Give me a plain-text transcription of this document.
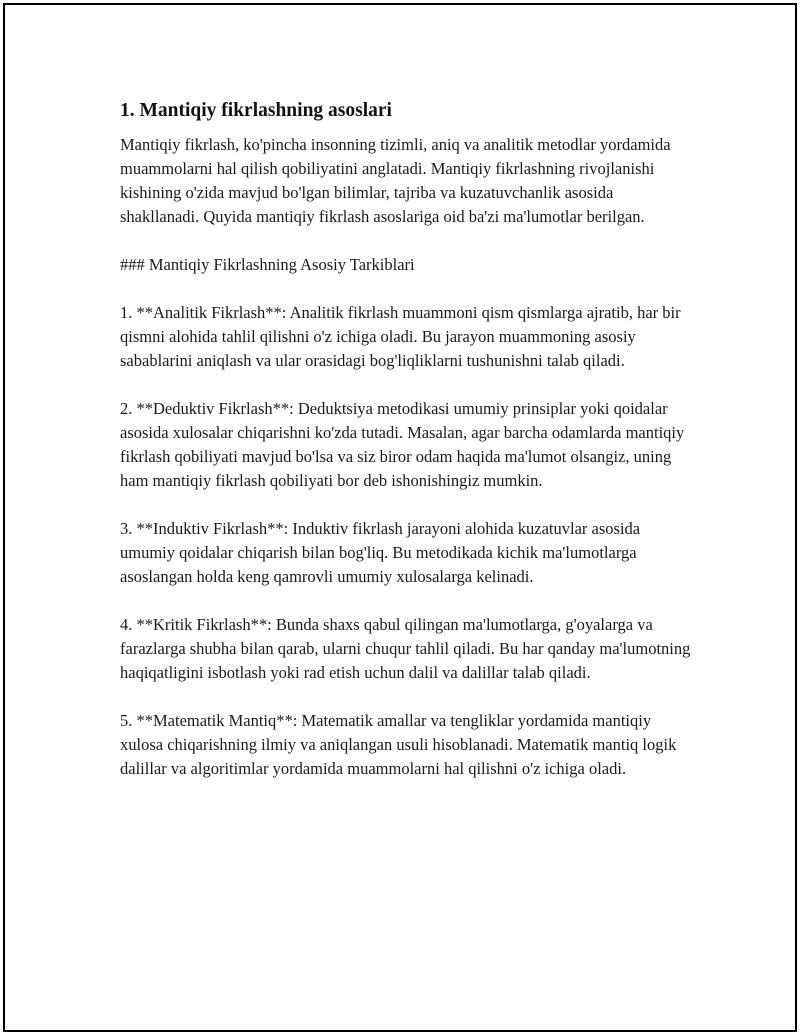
1. Mantiqiy fikrlashning asoslari

Mantiqiy fikrlash, ko'pincha insonning tizimli, aniq va analitik metodlar yordamida muammolarni hal qilish qobiliyatini anglatadi. Mantiqiy fikrlashning rivojlanishi kishining o'zida mavjud bo'lgan bilimlar, tajriba va kuzatuvchanlik asosida shakllanadi. Quyida mantiqiy fikrlash asoslariga oid ba'zi ma'lumotlar berilgan.

### Mantiqiy Fikrlashning Asosiy Tarkiblari

1. **Analitik Fikrlash**: Analitik fikrlash muammoni qism qismlarga ajratib, har bir qismni alohida tahlil qilishni o'z ichiga oladi. Bu jarayon muammoning asosiy sabablarini aniqlash va ular orasidagi bog'liqliklarni tushunishni talab qiladi.

2. **Deduktiv Fikrlash**: Deduktsiya metodikasi umumiy prinsiplar yoki qoidalar asosida xulosalar chiqarishni ko'zda tutadi. Masalan, agar barcha odamlarda mantiqiy fikrlash qobiliyati mavjud bo'lsa va siz biror odam haqida ma'lumot olsangiz, uning ham mantiqiy fikrlash qobiliyati bor deb ishonishingiz mumkin.

3. **Induktiv Fikrlash**: Induktiv fikrlash jarayoni alohida kuzatuvlar asosida umumiy qoidalar chiqarish bilan bog'liq. Bu metodikada kichik ma'lumotlarga asoslangan holda keng qamrovli umumiy xulosalarga kelinadi.

4. **Kritik Fikrlash**: Bunda shaxs qabul qilingan ma'lumotlarga, g'oyalarga va farazlarga shubha bilan qarab, ularni chuqur tahlil qiladi. Bu har qanday ma'lumotning haqiqatligini isbotlash yoki rad etish uchun dalil va dalillar talab qiladi.

5. **Matematik Mantiq**: Matematik amallar va tengliklar yordamida mantiqiy xulosa chiqarishning ilmiy va aniqlangan usuli hisoblanadi. Matematik mantiq logik dalillar va algoritimlar yordamida muammolarni hal qilishni o'z ichiga oladi.
